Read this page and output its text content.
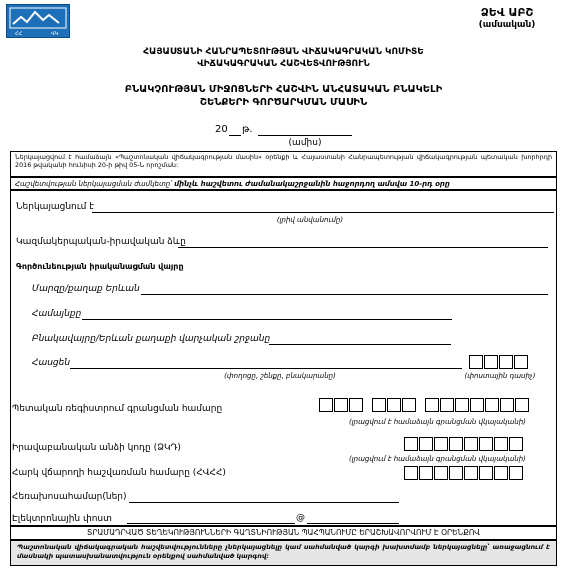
ՀՀ	ՎԿ
ՁԵՎ ԱԲՇ
(ամսական)
ՀԱՅԱՍՏԱՆԻ ՀԱՆՐԱՊԵՏՈՒԹՅԱՆ ՎԻՃԱԿԱԳՐԱԿԱՆ ԿՈՄԻՏԵ
ՎԻՃԱԿԱԳՐԱԿԱՆ ՀԱՇՎԵՏՎՈՒԹՅՈՒՆ
ԲՆԱԿՉՈՒԹՅԱՆ ՄԻՋՈՑՆԵՐԻ ՀԱՇՎԻՆ ԱՆՀԱՏԱԿԱՆ ԲՆԱԿԵԼԻ
ՇԵՆՔԵՐԻ ԳՈՐԾԱՐԿՄԱՆ ՄԱՍԻՆ
20 թ.
(ամիս)
Ներկայացվում է համաձայն «Պաշտոնական վիճակագրության մասին» օրենքի և Հայաստանի Հանրապետության վիճակագրության պետական խորհրդի 2016 թվականի հունիսի 20-ի թիվ 05-Ն որոշման:
Հաշվետվության ներկայացման ժամկետը՝ մինչև հաշվետու ժամանակաշրջանին հաջորդող ամսվա 10-րդ օրը
Ներկայացնում է
(լրիվ անվանումը)
Կազմակերպական-իրավական ձևը
Գործունեության իրականացման վայրը
Մարզը/քաղաք Երևան
Համայնքը
Բնակավայրը/Երևան քաղաքի վարչական շրջանը
Հասցեն
(փողոցը, շենքը, բնակարանը)	(փոստային դասիչ)
Պետական ռեգիստրում գրանցման համարը
(լրացվում է համաձայն գրանցման վկայականի)
Իրավաբանական անձի կոդը (ՁԿԴ)
(լրացվում է համաձայն գրանցման վկայականի)
Հարկ վճարողի հաշվառման համարը (ՀՎՀՀ)
Հեռախոսահամար(ներ)
Էլեկտրոնային փոստ	@
ՏՐԱՄԱԴՐՎԱԾ ՏԵՂԵԿՈՒԹՅՈՒՆՆԵՐԻ ԳԱՂՏՆԻՈՒԹՅԱՆ ՊԱՀՊԱՆՈՒՄԸ ԵՐԱՇԽԱՎՈՐՎՈՒՄ Է ՕՐԵՆՔՈՎ
Պաշտոնական վիճակագրական հաշվետվությունները չներկայացնելը կամ սահմանված կարգի խախտմամբ ներկայացնելը՝ առաջացնում է մասնակի պատասխանատվություն օրենքով սահմանված կարգով:
